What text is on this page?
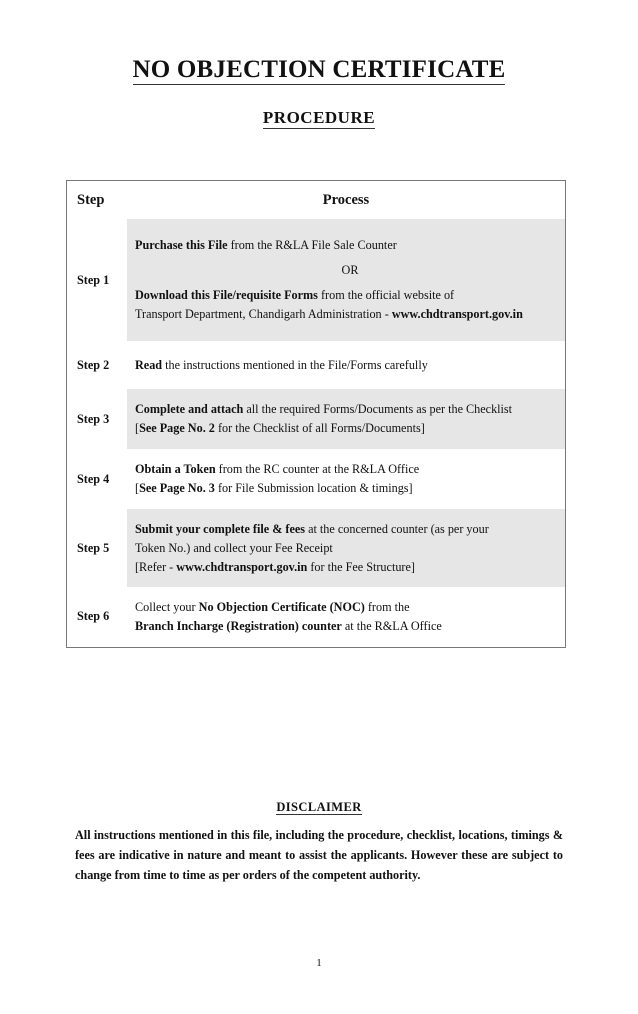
NO OBJECTION CERTIFICATE
PROCEDURE
Step	Process
Step 1	Purchase this File from the R&LA File Sale Counter
OR
Download this File/requisite Forms from the official website of
Transport Department, Chandigarh Administration - www.chdtransport.gov.in

Step 2	Read the instructions mentioned in the File/Forms carefully

Step 3	Complete and attach all the required Forms/Documents as per the Checklist
[See Page No. 2 for the Checklist of all Forms/Documents]

Step 4	Obtain a Token from the RC counter at the R&LA Office
[See Page No. 3 for File Submission location & timings]

Step 5	Submit your complete file & fees at the concerned counter (as per your
Token No.) and collect your Fee Receipt
[Refer - www.chdtransport.gov.in for the Fee Structure]

Step 6	Collect your No Objection Certificate (NOC) from the
Branch Incharge (Registration) counter at the R&LA Office
DISCLAIMER
All instructions mentioned in this file, including the procedure, checklist, locations, timings & fees are indicative in nature and meant to assist the applicants. However these are subject to change from time to time as per orders of the competent authority.
1
